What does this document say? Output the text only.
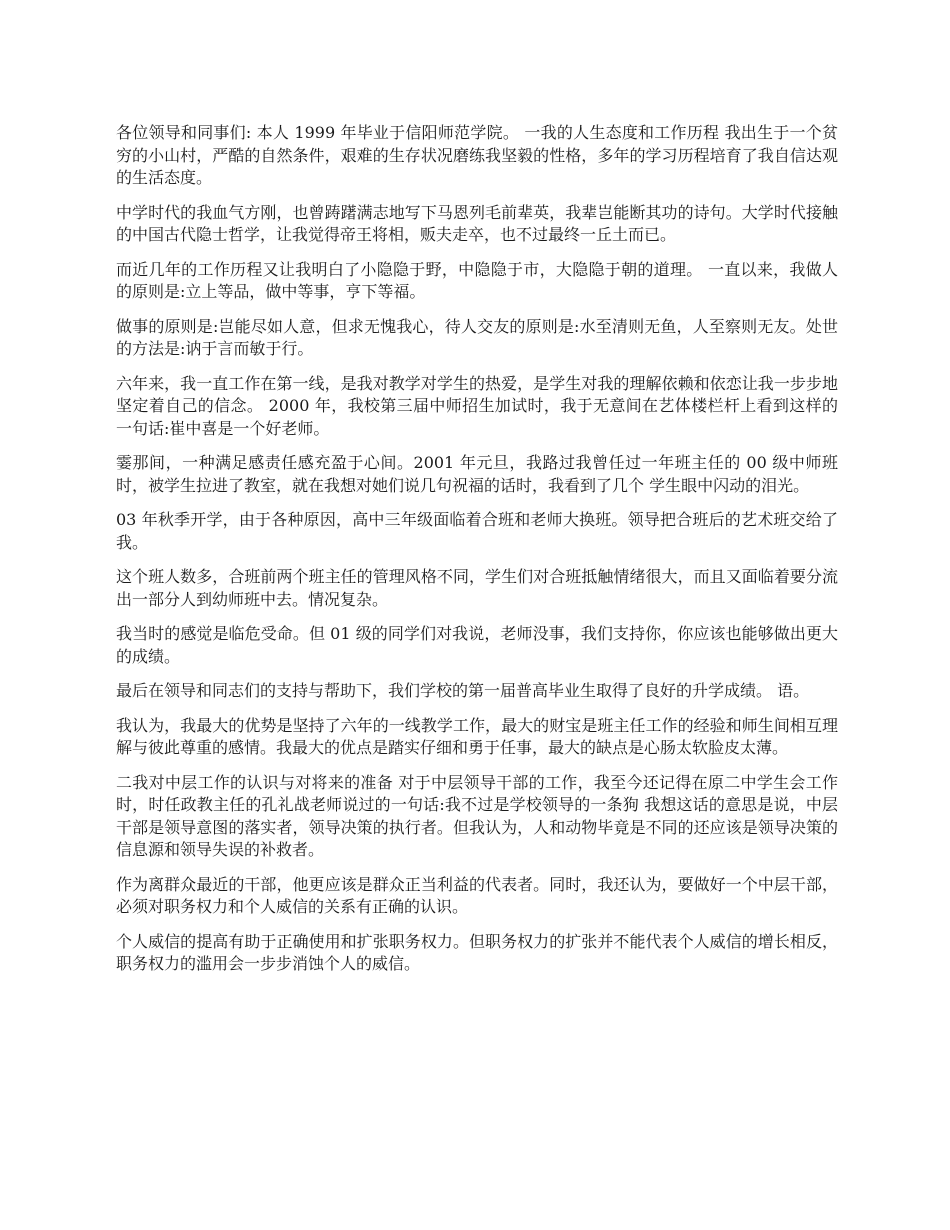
各位领导和同事们: 本人 1999 年毕业于信阳师范学院。 一我的人生态度和工作历程 我出生于一个贫穷的小山村，严酷的自然条件，艰难的生存状况磨练我坚毅的性格，多年的学习历程培育了我自信达观的生活态度。

中学时代的我血气方刚，也曾踌躇满志地写下马恩列毛前辈英，我辈岂能断其功的诗句。大学时代接触的中国古代隐士哲学，让我觉得帝王将相，贩夫走卒，也不过最终一丘土而已。

而近几年的工作历程又让我明白了小隐隐于野，中隐隐于市，大隐隐于朝的道理。 一直以来，我做人的原则是:立上等品，做中等事，亨下等福。

做事的原则是:岂能尽如人意，但求无愧我心，待人交友的原则是:水至清则无鱼，人至察则无友。处世的方法是:讷于言而敏于行。

六年来，我一直工作在第一线，是我对教学对学生的热爱，是学生对我的理解依赖和依恋让我一步步地坚定着自己的信念。 2000 年，我校第三届中师招生加试时，我于无意间在艺体楼栏杆上看到这样的一句话:崔中喜是一个好老师。

霎那间，一种满足感责任感充盈于心间。2001 年元旦，我路过我曾任过一年班主任的 00 级中师班时，被学生拉进了教室，就在我想对她们说几句祝福的话时，我看到了几个 学生眼中闪动的泪光。

03 年秋季开学，由于各种原因，高中三年级面临着合班和老师大换班。领导把合班后的艺术班交给了我。

这个班人数多，合班前两个班主任的管理风格不同，学生们对合班抵触情绪很大，而且又面临着要分流出一部分人到幼师班中去。情况复杂。

我当时的感觉是临危受命。但 01 级的同学们对我说，老师没事，我们支持你，你应该也能够做出更大的成绩。

最后在领导和同志们的支持与帮助下，我们学校的第一届普高毕业生取得了良好的升学成绩。 语。

我认为，我最大的优势是坚持了六年的一线教学工作，最大的财宝是班主任工作的经验和师生间相互理解与彼此尊重的感情。我最大的优点是踏实仔细和勇于任事，最大的缺点是心肠太软脸皮太薄。

二我对中层工作的认识与对将来的准备 对于中层领导干部的工作，我至今还记得在原二中学生会工作时，时任政教主任的孔礼战老师说过的一句话:我不过是学校领导的一条狗 我想这话的意思是说，中层干部是领导意图的落实者，领导决策的执行者。但我认为，人和动物毕竟是不同的还应该是领导决策的信息源和领导失误的补救者。

作为离群众最近的干部，他更应该是群众正当利益的代表者。同时，我还认为，要做好一个中层干部，必须对职务权力和个人威信的关系有正确的认识。

个人威信的提高有助于正确使用和扩张职务权力。但职务权力的扩张并不能代表个人威信的增长相反，职务权力的滥用会一步步消蚀个人的威信。
